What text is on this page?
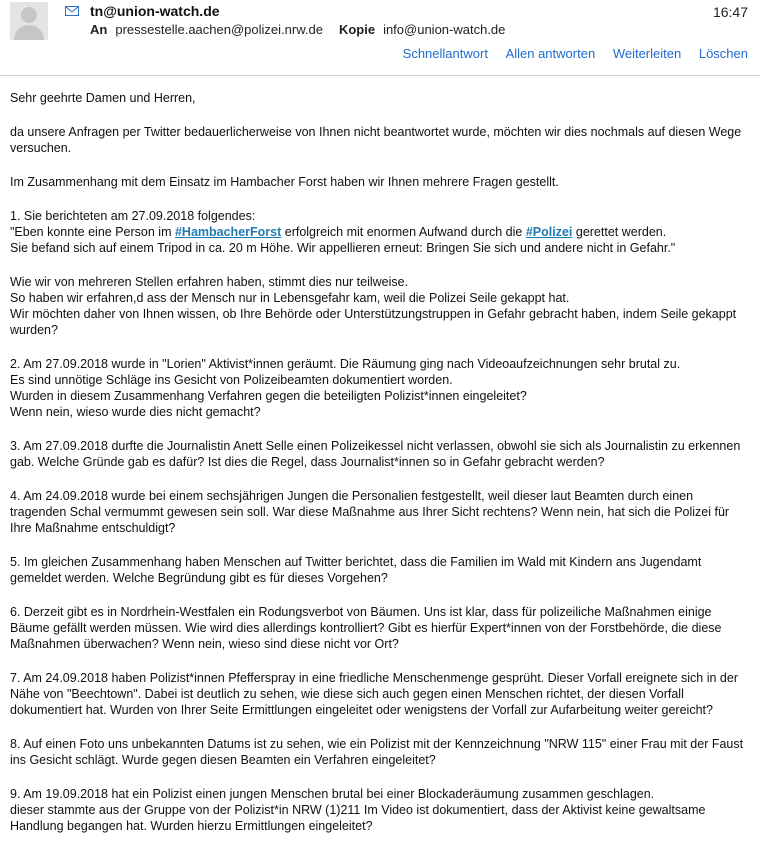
tn@union-watch.de	16:47
An pressestelle.aachen@polizei.nrw.de Kopie info@union-watch.de
Schnellantwort Allen antworten Weiterleiten Löschen

Sehr geehrte Damen und Herren,

da unsere Anfragen per Twitter bedauerlicherweise von Ihnen nicht beantwortet wurde, möchten wir dies nochmals auf diesen Wege versuchen.

Im Zusammenhang mit dem Einsatz im Hambacher Forst haben wir Ihnen mehrere Fragen gestellt.

1. Sie berichteten am 27.09.2018 folgendes:
"Eben konnte eine Person im #HambacherForst erfolgreich mit enormen Aufwand durch die #Polizei gerettet werden.
Sie befand sich auf einem Tripod in ca. 20 m Höhe. Wir appellieren erneut: Bringen Sie sich und andere nicht in Gefahr."

Wie wir von mehreren Stellen erfahren haben, stimmt dies nur teilweise.
So haben wir erfahren,d ass der Mensch nur in Lebensgefahr kam, weil die Polizei Seile gekappt hat.
Wir möchten daher von Ihnen wissen, ob Ihre Behörde oder Unterstützungstruppen in Gefahr gebracht haben, indem Seile gekappt wurden?

2. Am 27.09.2018 wurde in "Lorien" Aktivist*innen geräumt. Die Räumung ging nach Videoaufzeichnungen sehr brutal zu.
Es sind unnötige Schläge ins Gesicht von Polizeibeamten dokumentiert worden.
Wurden in diesem Zusammenhang Verfahren gegen die beteiligten Polizist*innen eingeleitet?
Wenn nein, wieso wurde dies nicht gemacht?

3. Am 27.09.2018 durfte die Journalistin Anett Selle einen Polizeikessel nicht verlassen, obwohl sie sich als Journalistin zu erkennen gab. Welche Gründe gab es dafür? Ist dies die Regel, dass Journalist*innen so in Gefahr gebracht werden?

4. Am 24.09.2018 wurde bei einem sechsjährigen Jungen die Personalien festgestellt, weil dieser laut Beamten durch einen tragenden Schal vermummt gewesen sein soll. War diese Maßnahme aus Ihrer Sicht rechtens? Wenn nein, hat sich die Polizei für Ihre Maßnahme entschuldigt?

5. Im gleichen Zusammenhang haben Menschen auf Twitter berichtet, dass die Familien im Wald mit Kindern ans Jugendamt gemeldet werden. Welche Begründung gibt es für dieses Vorgehen?

6. Derzeit gibt es in Nordrhein-Westfalen ein Rodungsverbot von Bäumen. Uns ist klar, dass für polizeiliche Maßnahmen einige Bäume gefällt werden müssen. Wie wird dies allerdings kontrolliert? Gibt es hierfür Expert*innen von der Forstbehörde, die diese Maßnahmen überwachen? Wenn nein, wieso sind diese nicht vor Ort?

7. Am 24.09.2018 haben Polizist*innen Pfefferspray in eine friedliche Menschenmenge gesprüht. Dieser Vorfall ereignete sich in der Nähe von "Beechtown". Dabei ist deutlich zu sehen, wie diese sich auch gegen einen Menschen richtet, der diesen Vorfall dokumentiert hat. Wurden von Ihrer Seite Ermittlungen eingeleitet oder wenigstens der Vorfall zur Aufarbeitung weiter gereicht?

8. Auf einen Foto uns unbekannten Datums ist zu sehen, wie ein Polizist mit der Kennzeichnung "NRW 115" einer Frau mit der Faust ins Gesicht schlägt. Wurde gegen diesen Beamten ein Verfahren eingeleitet?

9. Am 19.09.2018 hat ein Polizist einen jungen Menschen brutal bei einer Blockaderäumung zusammen geschlagen.
dieser stammte aus der Gruppe von der Polizist*in NRW (1)211 Im Video ist dokumentiert, dass der Aktivist keine gewaltsame Handlung begangen hat. Wurden hierzu Ermittlungen eingeleitet?
